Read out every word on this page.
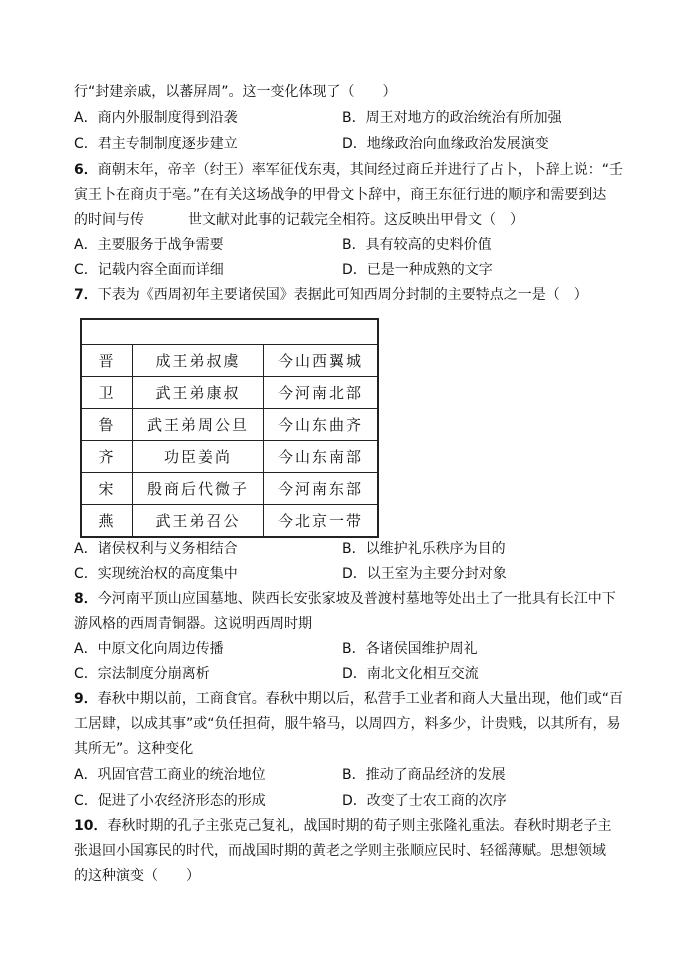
行“封建亲戚，以蕃屏周”。这一变化体现了（　　）
A．商内外服制度得到沿袭	B．周王对地方的政治统治有所加强
C．君主专制制度逐步建立	D．地缘政治向血缘政治发展演变
6．商朝末年，帝辛（纣王）率军征伐东夷，其间经过商丘并进行了占卜，卜辞上说：“壬
寅王卜在商贞于亳。”在有关这场战争的甲骨文卜辞中，商王东征行进的顺序和需要到达
的时间与传	世文献对此事的记载完全相符。这反映出甲骨文（　）
A．主要服务于战争需要	B．具有较高的史料价值
C．记载内容全面而详细	D．已是一种成熟的文字
7．下表为《西周初年主要诸侯国》表据此可知西周分封制的主要特点之一是（　）

晋	成王弟叔虞	今山西翼城
卫	武王弟康叔	今河南北部
鲁	武王弟周公旦	今山东曲齐
齐	功臣姜尚	今山东南部
宋	殷商后代微子	今河南东部
燕	武王弟召公	今北京一带
A．诸侯权利与义务相结合	B．以维护礼乐秩序为目的
C．实现统治权的高度集中	D．以王室为主要分封对象
8．今河南平顶山应国墓地、陕西长安张家坡及普渡村墓地等处出土了一批具有长江中下
游风格的西周青铜器。这说明西周时期
A．中原文化向周边传播	B．各诸侯国维护周礼
C．宗法制度分崩离析	D．南北文化相互交流
9．春秋中期以前，工商食官。春秋中期以后，私营手工业者和商人大量出现，他们或“百
工居肆，以成其事”或“负任担荷，服牛辂马，以周四方，料多少，计贵贱，以其所有，易
其所无”。这种变化
A．巩固官营工商业的统治地位	B．推动了商品经济的发展
C．促进了小农经济形态的形成	D．改变了士农工商的次序
10．春秋时期的孔子主张克己复礼，战国时期的荀子则主张隆礼重法。春秋时期老子主
张退回小国寡民的时代，而战国时期的黄老之学则主张顺应民时、轻徭薄赋。思想领域
的这种演变（　　）
